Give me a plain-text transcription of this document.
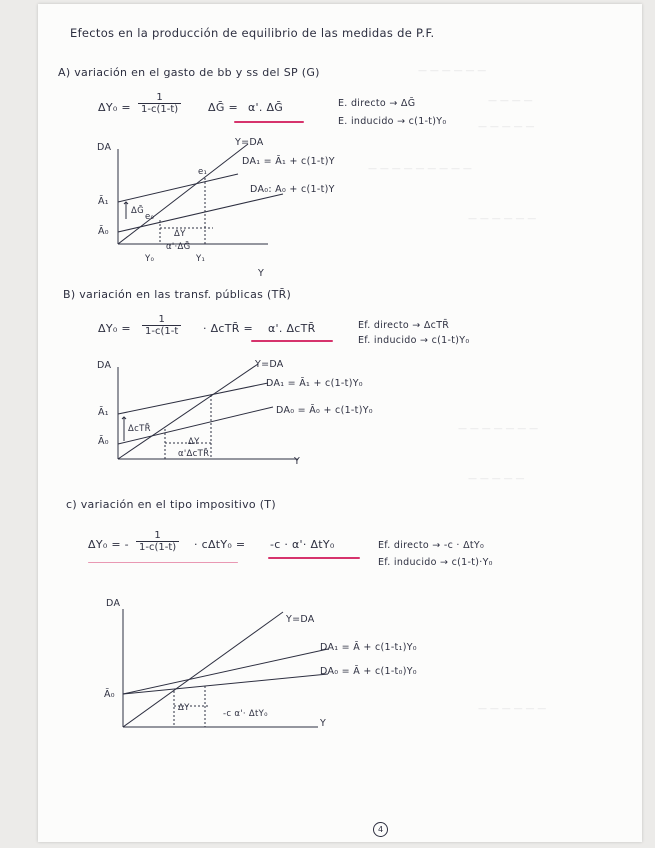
— — — — — —
— — — —
— — — — —
— — — — — — — — —
— — — — — —
— — — — — — —
— — — — —
— — — — — —
Efectos en la producción de equilibrio de las medidas de P.F.
A) variación en el gasto de bb y ss del SP (G)
$\Delta Y_0 = \frac{1}{1-c(1-t)}$ ΔḠ = α'. ΔḠ	E. directo → ΔḠ
E. inducido → c(1-t)Y₀
DA
Y
Y=DA
DA₁ = Ā₁ + c(1-t)Y
DA₀: A₀ + c(1-t)Y
Ā₁
Ā₀
ΔḠ
e₁
e₀
ΔY
α'·ΔḠ
Y₀	Y₁
B) variación en las transf. públicas (TR̄)
$\Delta Y_0 = \frac{1}{1-c(1-t}$ · ΔcTR̄ = α'. ΔcTR̄	Ef. directo → ΔcTR̄
Ef. inducido → c(1-t)Y₀
DA
Y
Y=DA
DA₁ = Ā₁ + c(1-t)Y₀
DA₀ = Ā₀ + c(1-t)Y₀
Ā₁
Ā₀
ΔcTR̄
ΔY
α'ΔcTR̄
c) variación en el tipo impositivo (T)
ΔY₀ = - $\frac{1}{1-c(1-t)} \cdot c\Delta tY_0 = -c \cdot \alpha'\cdot \Delta tY_0$	Ef. directo → -c · ΔtY₀
Ef. inducido → c(1-t)·Y₀
DA
Y
Y=DA
DA₁ = Ā + c(1-t₁)Y₀
DA₀ = Ā + c(1-t₀)Y₀
Ā₀
ΔY
-c α'· ΔtY₀
4
